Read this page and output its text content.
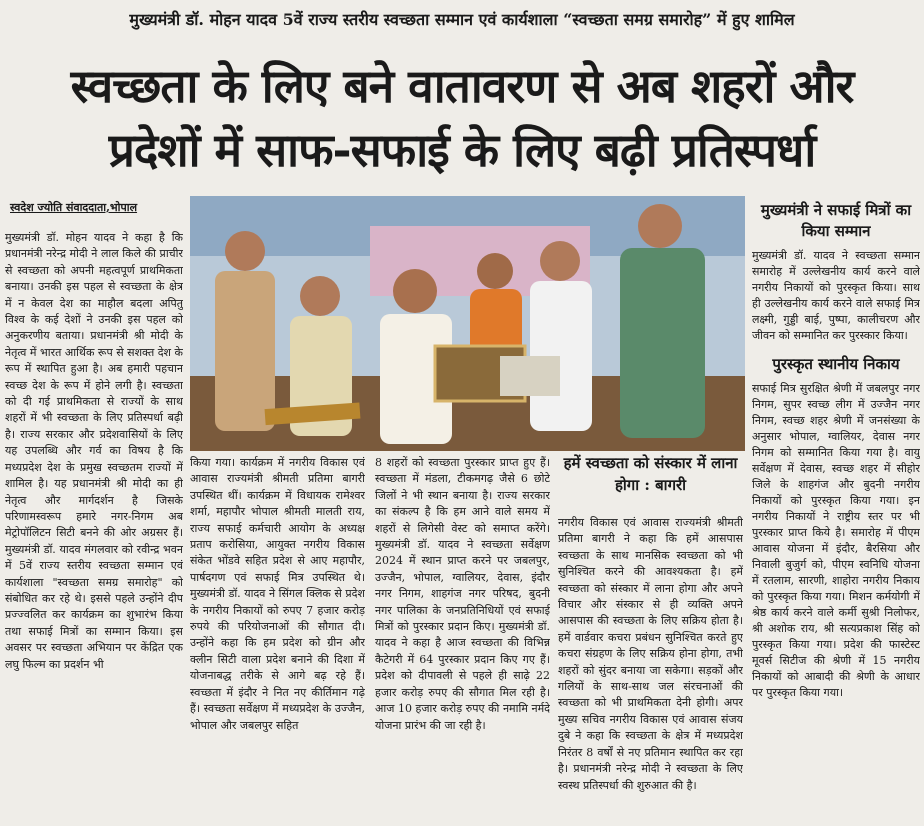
मुख्यमंत्री डॉ. मोहन यादव 5वें राज्य स्तरीय स्वच्छता सम्मान एवं कार्यशाला “स्वच्छता समग्र समारोह” में हुए शामिल
स्वच्छता के लिए बने वातावरण से अब शहरों और
प्रदेशों में साफ-सफाई के लिए बढ़ी प्रतिस्पर्धा
स्वदेश ज्योति संवाददाता,भोपाल
मुख्यमंत्री डॉ. मोहन यादव ने कहा है कि प्रधानमंत्री नरेन्द्र मोदी ने लाल किले की प्राचीर से स्वच्छता को अपनी महत्वपूर्ण प्राथमिकता बनाया। उनकी इस पहल से स्वच्छता के क्षेत्र में न केवल देश का माहौल बदला अपितु विश्व के कई देशों ने उनकी इस पहल को अनुकरणीय बताया। प्रधानमंत्री श्री मोदी के नेतृत्व में भारत आर्थिक रूप से सशक्त देश के रूप में स्थापित हुआ है। अब हमारी पहचान स्वच्छ देश के रूप में होने लगी है। स्वच्छता को दी गई प्राथमिकता से राज्यों के साथ शहरों में भी स्वच्छता के लिए प्रतिस्पर्धा बढ़ी है। राज्य सरकार और प्रदेशवासियों के लिए यह उपलब्धि और गर्व का विषय है कि मध्यप्रदेश देश के प्रमुख स्वच्छतम राज्यों में शामिल है। यह प्रधानमंत्री श्री मोदी का ही नेतृत्व और मार्गदर्शन है जिसके परिणामस्वरूप हमारे नगर-निगम अब मेट्रोपॉलिटन सिटी बनने की ओर अग्रसर हैं। मुख्यमंत्री डॉ. यादव मंगलवार को रवीन्द्र भवन में 5वें राज्य स्तरीय स्वच्छता सम्मान एवं कार्यशाला "स्वच्छता समग्र समारोह" को संबोधित कर रहे थे। इससे पहले उन्होंने दीप प्रज्ज्वलित कर कार्यक्रम का शुभारंभ किया तथा सफाई मित्रों का सम्मान किया। इस अवसर पर स्वच्छता अभियान पर केंद्रित एक लघु फिल्म का प्रदर्शन भी
किया गया। कार्यक्रम में नगरीय विकास एवं आवास राज्यमंत्री श्रीमती प्रतिमा बागरी उपस्थित थीं। कार्यक्रम में विधायक रामेश्वर शर्मा, महापौर भोपाल श्रीमती मालती राय, राज्य सफाई कर्मचारी आयोग के अध्यक्ष प्रताप करोसिया, आयुक्त नगरीय विकास संकेत भोंडवे सहित प्रदेश से आए महापौर, पार्षदगण एवं सफाई मित्र उपस्थित थे। मुख्यमंत्री डॉ. यादव ने सिंगल क्लिक से प्रदेश के नगरीय निकायों को रुपए 7 हजार करोड़ रुपये की परियोजनाओं की सौगात दी। उन्होंने कहा कि हम प्रदेश को ग्रीन और क्लीन सिटी वाला प्रदेश बनाने की दिशा में योजनाबद्ध तरीके से आगे बढ़ रहे हैं। स्वच्छता में इंदौर ने नित नए कीर्तिमान गढ़े हैं। स्वच्छता सर्वेक्षण में मध्यप्रदेश के उज्जैन, भोपाल और जबलपुर सहित
8 शहरों को स्वच्छता पुरस्कार प्राप्त हुए हैं। स्वच्छता में मंडला, टीकमगढ़ जैसे 6 छोटे जिलों ने भी स्थान बनाया है। राज्य सरकार का संकल्प है कि हम आने वाले समय में शहरों से लिगेसी वेस्ट को समाप्त करेंगे। मुख्यमंत्री डॉ. यादव ने स्वच्छता सर्वेक्षण 2024 में स्थान प्राप्त करने पर जबलपुर, उज्जैन, भोपाल, ग्वालियर, देवास, इंदौर नगर निगम, शाहगंज नगर परिषद, बुदनी नगर पालिका के जनप्रतिनिधियों एवं सफाई मित्रों को पुरस्कार प्रदान किए। मुख्यमंत्री डॉ. यादव ने कहा है आज स्वच्छता की विभिन्न कैटेगरी में 64 पुरस्कार प्रदान किए गए हैं। प्रदेश को दीपावली से पहले ही साढ़े 22 हजार करोड़ रुपए की सौगात मिल रही है। आज 10 हजार करोड़ रुपए की नमामि नर्मदे योजना प्रारंभ की जा रही है।
हमें स्वच्छता को संस्कार में लाना होगा : बागरी
नगरीय विकास एवं आवास राज्यमंत्री श्रीमती प्रतिमा बागरी ने कहा कि हमें आसपास स्वच्छता के साथ मानसिक स्वच्छता को भी सुनिश्चित करने की आवश्यकता है। हमें स्वच्छता को संस्कार में लाना होगा और अपने विचार और संस्कार से ही व्यक्ति अपने आसपास की स्वच्छता के लिए सक्रिय होता है। हमें वार्डवार कचरा प्रबंधन सुनिश्चित करते हुए कचरा संग्रहण के लिए सक्रिय होना होगा, तभी शहरों को सुंदर बनाया जा सकेगा। सड़कों और गलियों के साथ-साथ जल संरचनाओं की स्वच्छता को भी प्राथमिकता देनी होगी। अपर मुख्य सचिव नगरीय विकास एवं आवास संजय दुबे ने कहा कि स्वच्छता के क्षेत्र में मध्यप्रदेश निरंतर 8 वर्षों से नए प्रतिमान स्थापित कर रहा है। प्रधानमंत्री नरेन्द्र मोदी ने स्वच्छता के लिए स्वस्थ प्रतिस्पर्धा की शुरुआत की है।
मुख्यमंत्री ने सफाई मित्रों का किया सम्मान
मुख्यमंत्री डॉ. यादव ने स्वच्छता सम्मान समारोह में उल्लेखनीय कार्य करने वाले नगरीय निकायों को पुरस्कृत किया। साथ ही उल्लेखनीय कार्य करने वाले सफाई मित्र लक्ष्मी, गुड्डी बाई, पुष्पा, कालीचरण और जीवन को सम्मानित कर पुरस्कार किया।
पुरस्कृत स्थानीय निकाय
सफाई मित्र सुरक्षित श्रेणी में जबलपुर नगर निगम, सुपर स्वच्छ लीग में उज्जैन नगर निगम, स्वच्छ शहर श्रेणी में जनसंख्या के अनुसार भोपाल, ग्वालियर, देवास नगर निगम को सम्मानित किया गया है। वायु सर्वेक्षण में देवास, स्वच्छ शहर में सीहोर जिले के शाहगंज और बुदनी नगरीय निकायों को पुरस्कृत किया गया। इन नगरीय निकायों ने राष्ट्रीय स्तर पर भी पुरस्कार प्राप्त किये है। समारोह में पीएम आवास योजना में इंदौर, बैरसिया और निवाली बुजुर्ग को, पीएम स्वनिधि योजना में रतलाम, सारणी, शाहोरा नगरीय निकाय को पुरस्कृत किया गया। मिशन कर्मयोगी में श्रेष्ठ कार्य करने वाले कर्मी सुश्री निलोफर, श्री अशोक राय, श्री सत्यप्रकाश सिंह को पुरस्कृत किया गया। प्रदेश की फास्टेस्ट मूवर्स सिटीज की श्रेणी में 15 नगरीय निकायों को आबादी की श्रेणी के आधार पर पुरस्कृत किया गया।
